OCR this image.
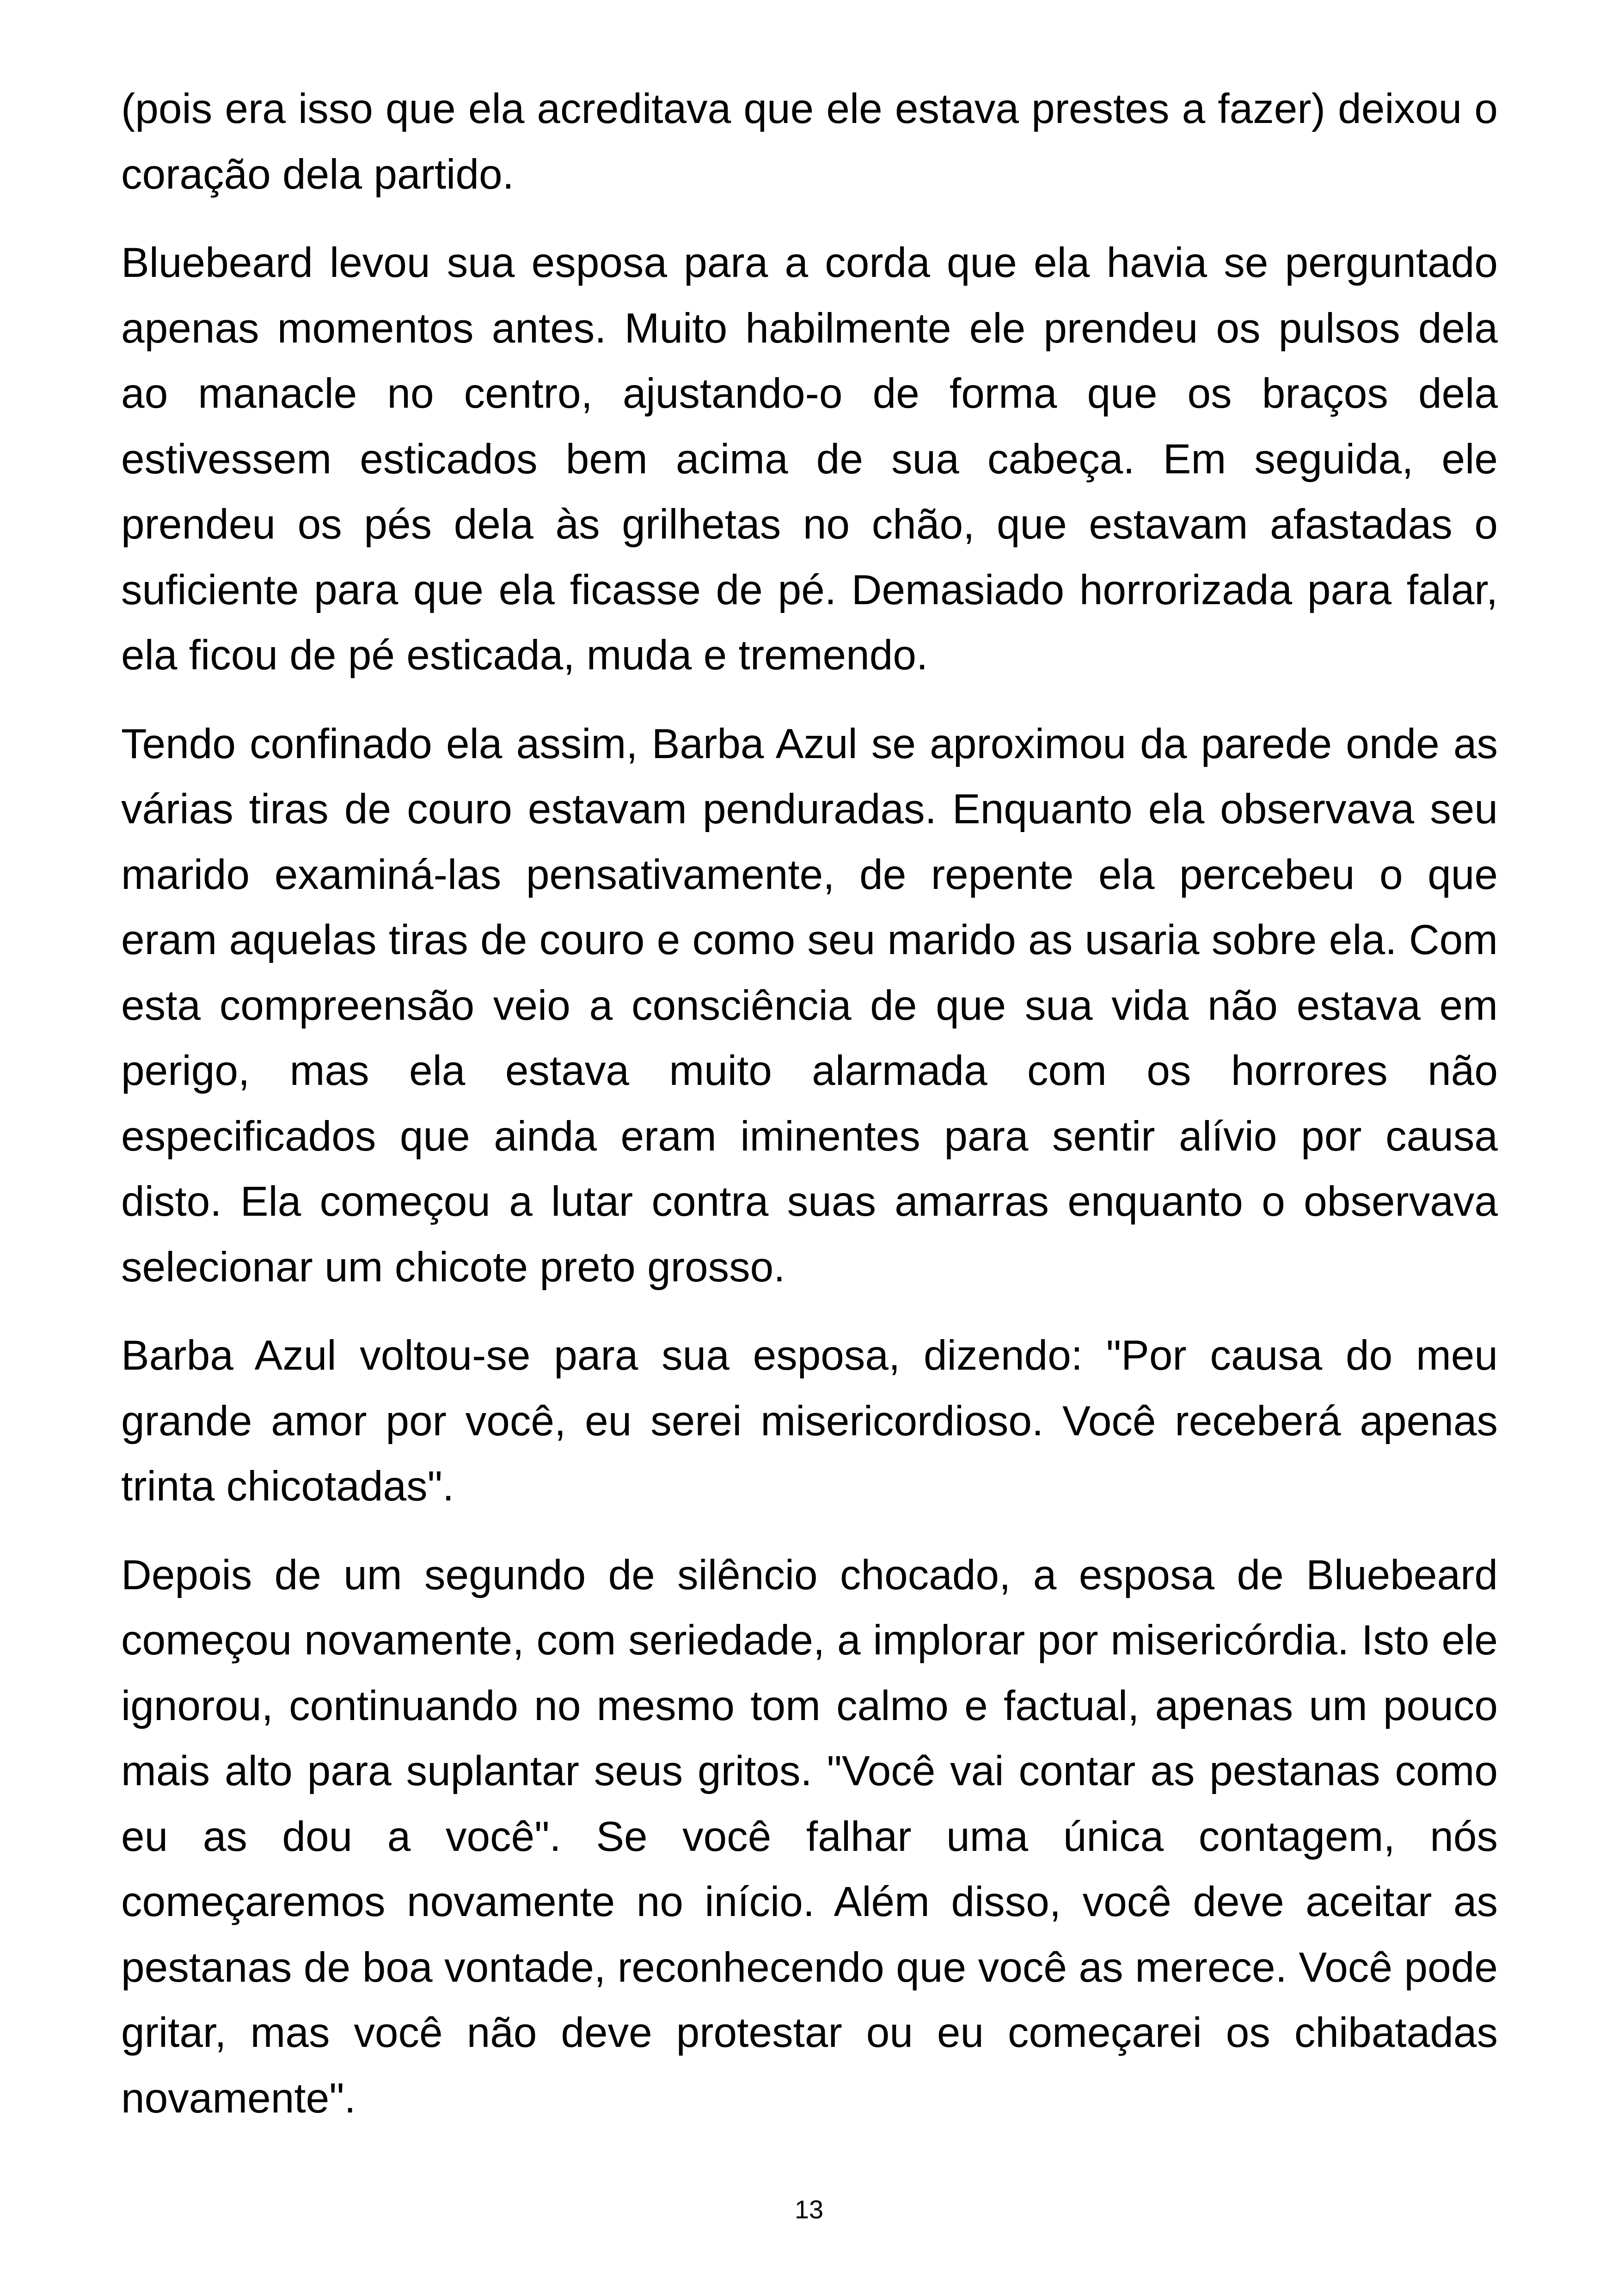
(pois era isso que ela acreditava que ele estava prestes a fazer) deixou o coração dela partido.

Bluebeard levou sua esposa para a corda que ela havia se perguntado apenas momentos antes. Muito habilmente ele prendeu os pulsos dela ao manacle no centro, ajustando-o de forma que os braços dela estivessem esticados bem acima de sua cabeça. Em seguida, ele prendeu os pés dela às grilhetas no chão, que estavam afastadas o suficiente para que ela ficasse de pé. Demasiado horrorizada para falar, ela ficou de pé esticada, muda e tremendo.

Tendo confinado ela assim, Barba Azul se aproximou da parede onde as várias tiras de couro estavam penduradas. Enquanto ela observava seu marido examiná-las pensativamente, de repente ela percebeu o que eram aquelas tiras de couro e como seu marido as usaria sobre ela. Com esta compreensão veio a consciência de que sua vida não estava em perigo, mas ela estava muito alarmada com os horrores não especificados que ainda eram iminentes para sentir alívio por causa disto. Ela começou a lutar contra suas amarras enquanto o observava selecionar um chicote preto grosso.

Barba Azul voltou-se para sua esposa, dizendo: "Por causa do meu grande amor por você, eu serei misericordioso. Você receberá apenas trinta chicotadas".

Depois de um segundo de silêncio chocado, a esposa de Bluebeard começou novamente, com seriedade, a implorar por misericórdia. Isto ele ignorou, continuando no mesmo tom calmo e factual, apenas um pouco mais alto para suplantar seus gritos. "Você vai contar as pestanas como eu as dou a você". Se você falhar uma única contagem, nós começaremos novamente no início. Além disso, você deve aceitar as pestanas de boa vontade, reconhecendo que você as merece. Você pode gritar, mas você não deve protestar ou eu começarei os chibatadas novamente".

13
